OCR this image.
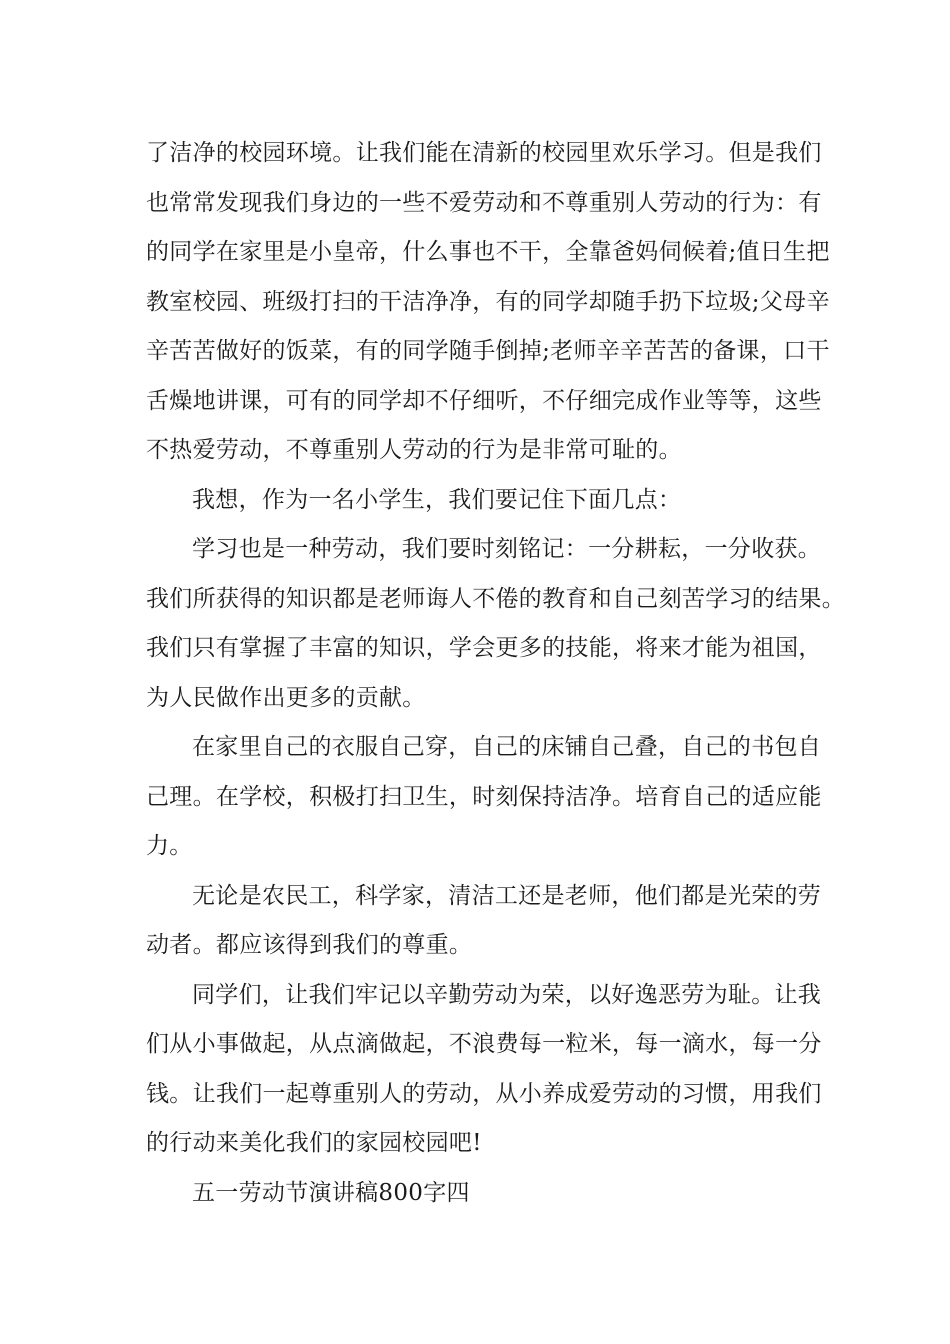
了洁净的校园环境。让我们能在清新的校园里欢乐学习。但是我们
也常常发现我们身边的一些不爱劳动和不尊重别人劳动的行为：有
的同学在家里是小皇帝，什么事也不干，全靠爸妈伺候着;值日生把
教室校园、班级打扫的干洁净净，有的同学却随手扔下垃圾;父母辛
辛苦苦做好的饭菜，有的同学随手倒掉;老师辛辛苦苦的备课，口干
舌燥地讲课，可有的同学却不仔细听，不仔细完成作业等等，这些
不热爱劳动，不尊重别人劳动的行为是非常可耻的。
我想，作为一名小学生，我们要记住下面几点：
学习也是一种劳动，我们要时刻铭记：一分耕耘，一分收获。
我们所获得的知识都是老师诲人不倦的教育和自己刻苦学习的结果。
我们只有掌握了丰富的知识，学会更多的技能，将来才能为祖国，
为人民做作出更多的贡献。
在家里自己的衣服自己穿，自己的床铺自己叠，自己的书包自
己理。在学校，积极打扫卫生，时刻保持洁净。培育自己的适应能
力。
无论是农民工，科学家，清洁工还是老师，他们都是光荣的劳
动者。都应该得到我们的尊重。
同学们，让我们牢记以辛勤劳动为荣，以好逸恶劳为耻。让我
们从小事做起，从点滴做起，不浪费每一粒米，每一滴水，每一分
钱。让我们一起尊重别人的劳动，从小养成爱劳动的习惯，用我们
的行动来美化我们的家园校园吧!
五一劳动节演讲稿800字四
